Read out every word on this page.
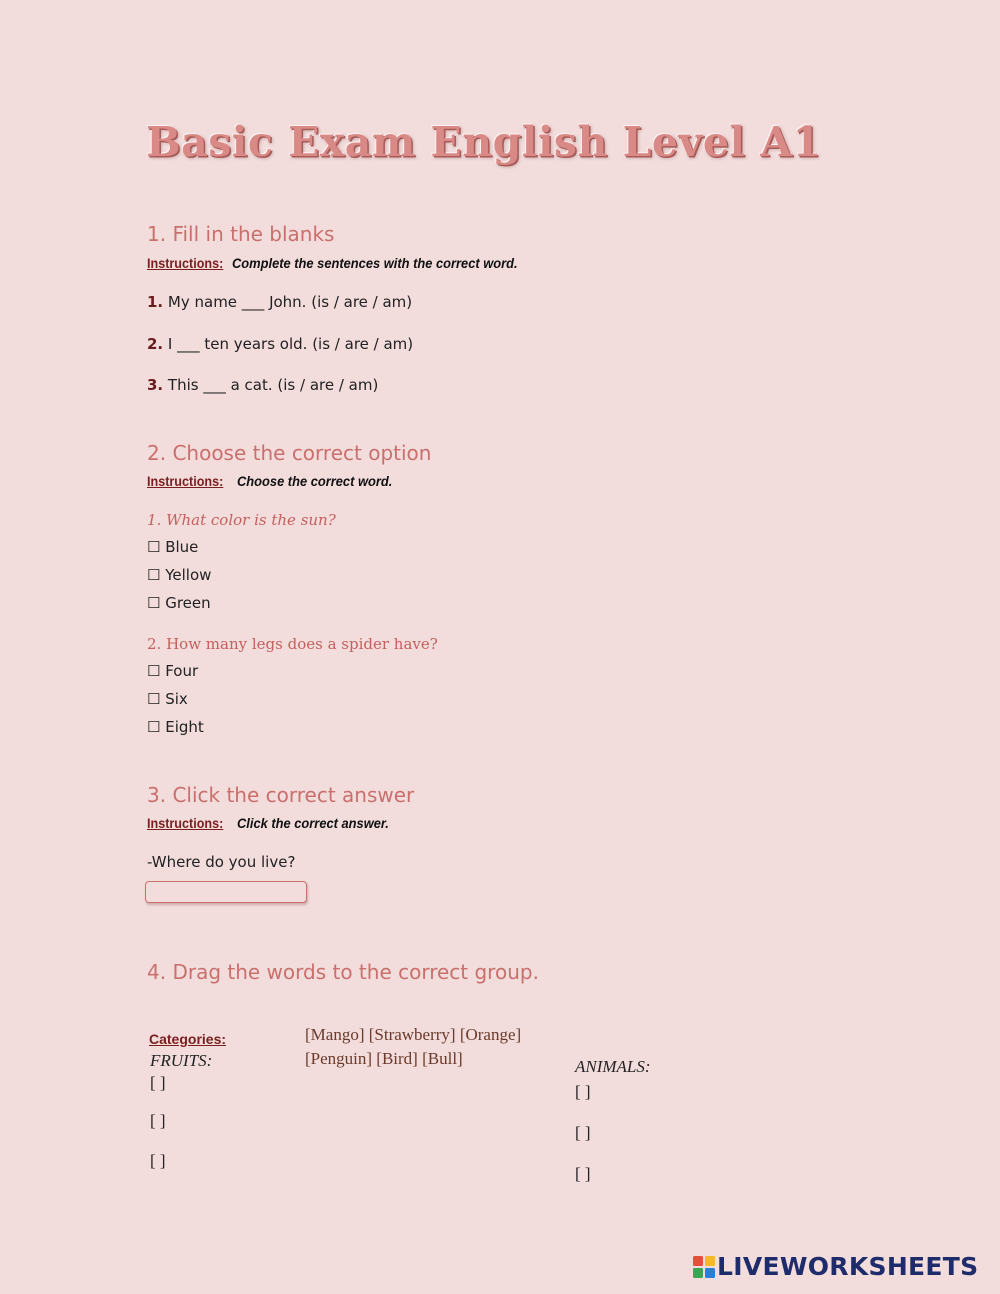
Basic Exam English Level A1
1. Fill in the blanks
Instructions:Complete the sentences with the correct word.
1. My name ___ John. (is / are / am)
2. I ___ ten years old. (is / are / am)
3. This ___ a cat. (is / are / am)
2. Choose the correct option
Instructions: Choose the correct word.
1. What color is the sun?
☐ Blue
☐ Yellow
☐ Green
2. How many legs does a spider have?
☐ Four
☐ Six
☐ Eight
3. Click the correct answer
Instructions: Click the correct answer.
-Where do you live?
4. Drag the words to the correct group.
Categories:
FRUITS:
[ ]
[ ]
[ ]
[Mango] [Strawberry] [Orange]
[Penguin] [Bird] [Bull]	ANIMALS:
[ ]
[ ]
[ ]
LIVEWORKSHEETS
